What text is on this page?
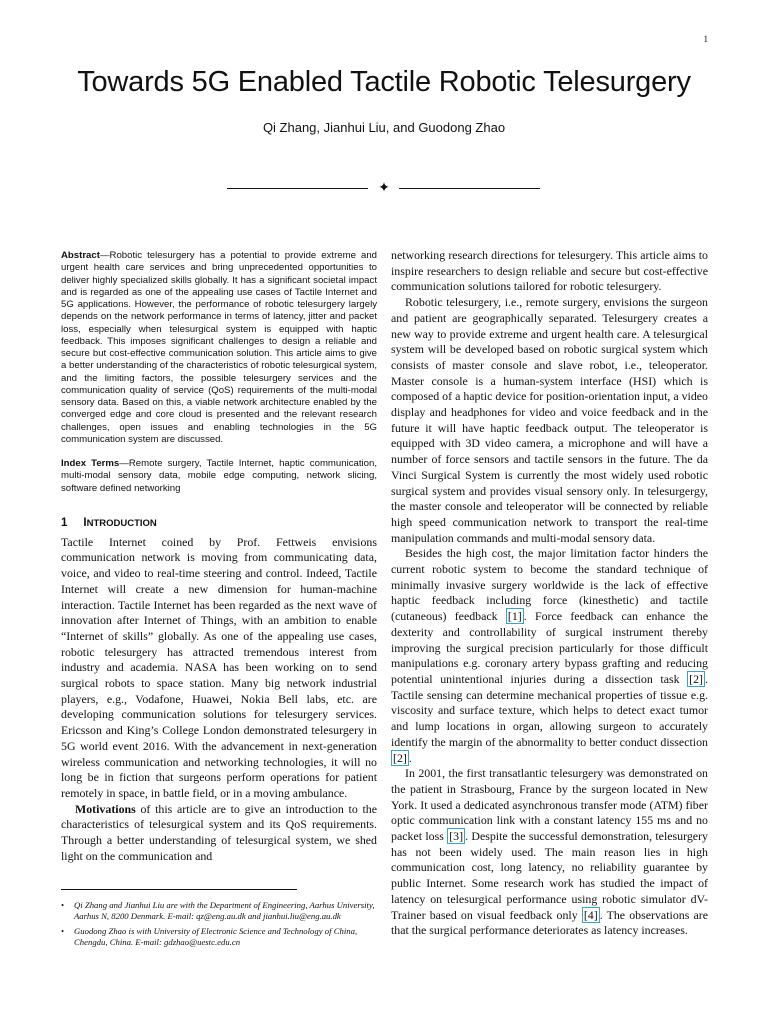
1
Towards 5G Enabled Tactile Robotic Telesurgery
Qi Zhang, Jianhui Liu, and Guodong Zhao
✦

Abstract—Robotic telesurgery has a potential to provide extreme and urgent health care services and bring unprecedented opportunities to deliver highly specialized skills globally. It has a significant societal impact and is regarded as one of the appealing use cases of Tactile Internet and 5G applications. However, the performance of robotic telesurgery largely depends on the network performance in terms of latency, jitter and packet loss, especially when telesurgical system is equipped with haptic feedback. This imposes significant challenges to design a reliable and secure but cost-effective communication solution. This article aims to give a better understanding of the characteristics of robotic telesurgical system, and the limiting factors, the possible telesurgery services and the communication quality of service (QoS) requirements of the multi-modal sensory data. Based on this, a viable network architecture enabled by the converged edge and core cloud is presented and the relevant research challenges, open issues and enabling technologies in the 5G communication system are discussed.

Index Terms—Remote surgery, Tactile Internet, haptic communication, multi-modal sensory data, mobile edge computing, network slicing, software defined networking

1 INTRODUCTION

Tactile Internet coined by Prof. Fettweis envisions communication network is moving from communicating data, voice, and video to real-time steering and control. Indeed, Tactile Internet will create a new dimension for human-machine interaction. Tactile Internet has been regarded as the next wave of innovation after Internet of Things, with an ambition to enable “Internet of skills” globally. As one of the appealing use cases, robotic telesurgery has attracted tremendous interest from industry and academia. NASA has been working on to send surgical robots to space station. Many big network industrial players, e.g., Vodafone, Huawei, Nokia Bell labs, etc. are developing communication solutions for telesurgery services. Ericsson and King’s College London demonstrated telesurgery in 5G world event 2016. With the advancement in next-generation wireless communication and networking technologies, it will no long be in fiction that surgeons perform operations for patient remotely in space, in battle field, or in a moving ambulance.

Motivations of this article are to give an introduction to the characteristics of telesurgical system and its QoS requirements. Through a better understanding of telesurgical system, we shed light on the communication and

• Qi Zhang and Jianhui Liu are with the Department of Engineering, Aarhus University, Aarhus N, 8200 Denmark. E-mail: qz@eng.au.dk and jianhui.liu@eng.au.dk

• Guodong Zhao is with University of Electronic Science and Technology of China, Chengdu, China. E-mail: gdzhao@uestc.edu.cn

networking research directions for telesurgery. This article aims to inspire researchers to design reliable and secure but cost-effective communication solutions tailored for robotic telesurgery.

Robotic telesurgery, i.e., remote surgery, envisions the surgeon and patient are geographically separated. Telesurgery creates a new way to provide extreme and urgent health care. A telesurgical system will be developed based on robotic surgical system which consists of master console and slave robot, i.e., teleoperator. Master console is a human-system interface (HSI) which is composed of a haptic device for position-orientation input, a video display and headphones for video and voice feedback and in the future it will have haptic feedback output. The teleoperator is equipped with 3D video camera, a microphone and will have a number of force sensors and tactile sensors in the future. The da Vinci Surgical System is currently the most widely used robotic surgical system and provides visual sensory only. In telesurgergy, the master console and teleoperator will be connected by reliable high speed communication network to transport the real-time manipulation commands and multi-modal sensory data.

Besides the high cost, the major limitation factor hinders the current robotic system to become the standard technique of minimally invasive surgery worldwide is the lack of effective haptic feedback including force (kinesthetic) and tactile (cutaneous) feedback [1] . Force feedback can enhance the dexterity and controllability of surgical instrument thereby improving the surgical precision particularly for those difficult manipulations e.g. coronary artery bypass grafting and reducing potential unintentional injuries during a dissection task [2] . Tactile sensing can determine mechanical properties of tissue e.g. viscosity and surface texture, which helps to detect exact tumor and lump locations in organ, allowing surgeon to accurately identify the margin of the abnormality to better conduct dissection [2] .

In 2001, the first transatlantic telesurgery was demonstrated on the patient in Strasbourg, France by the surgeon located in New York. It used a dedicated asynchronous transfer mode (ATM) fiber optic communication link with a constant latency 155 ms and no packet loss [3] . Despite the successful demonstration, telesurgery has not been widely used. The main reason lies in high communication cost, long latency, no reliability guarantee by public Internet. Some research work has studied the impact of latency on telesurgical performance using robotic simulator dV-Trainer based on visual feedback only [4] . The observations are that the surgical performance deteriorates as latency increases.
